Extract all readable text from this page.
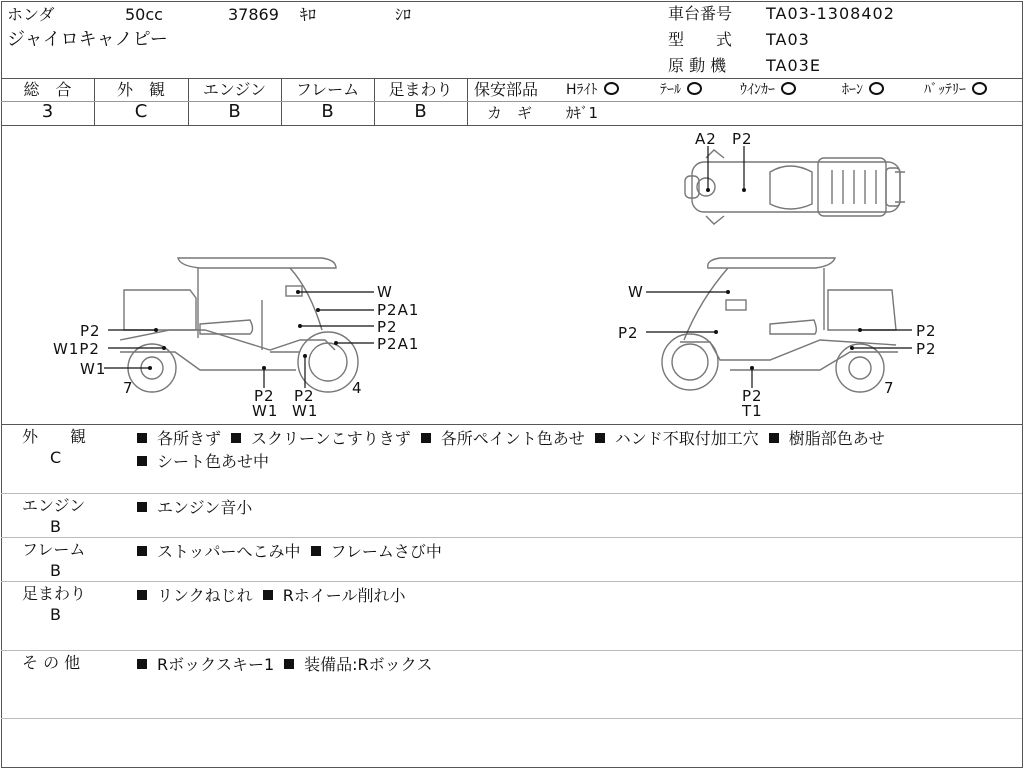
ホンダ	50cc	37869 ｷﾛ	ｼﾛ
ジャイロキャノピー
車台番号 TA03-1308402
型　　式 TA03
原 動 機 TA03E
総　合	外　観	エンジン	フレーム	足まわり
3	C	B	B	B
保安部品 Hﾗｲﾄ	ﾃｰﾙ	ｳｲﾝｶｰ	ﾎｰﾝ	ﾊﾞｯﾃﾘｰ
カ　ギ ｶｷﾞ1
A2 P2
W
P2A1
P2
P2A1
P2
W1P2
W1
7	P2
W1
P2
W1
4
W
P2	P2
P2
7
P2
T1
外　　観
C
各所きず スクリーンこすりきず 各所ペイント色あせ ハンド不取付加工穴 樹脂部色あせシート色あせ中
エンジン
B
エンジン音小
フレーム
B
ストッパーへこみ中 フレームさび中
足まわり
B
リンクねじれ Rホイール削れ小
そ の 他	Rボックスキー1 装備品:Rボックス
